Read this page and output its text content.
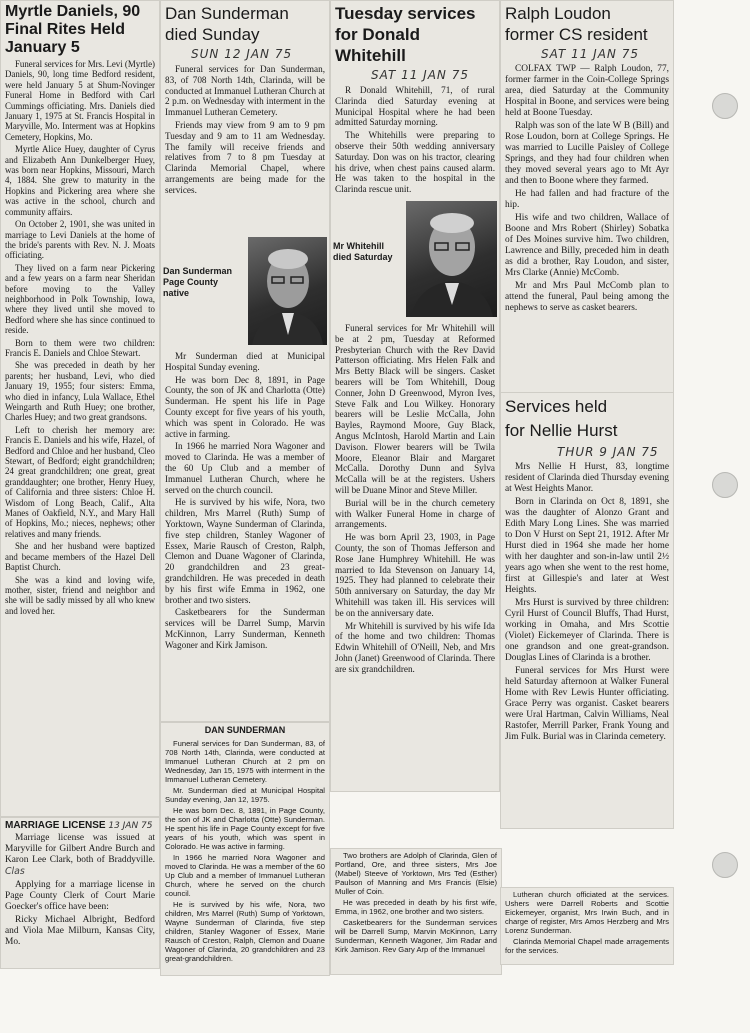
Myrtle Daniels, 90
Final Rites Held
January 5

Funeral services for Mrs. Levi (Myrtle) Daniels, 90, long time Bedford resident, were held January 5 at Shum-Novinger Funeral Home in Bedford with Carl Cummings officiating. Mrs. Daniels died January 1, 1975 at St. Francis Hospital in Maryville, Mo. Interment was at Hopkins Cemetery, Hopkins, Mo.

Myrtle Alice Huey, daughter of Cyrus and Elizabeth Ann Dunkelberger Huey, was born near Hopkins, Missouri, March 4, 1884. She grew to maturity in the Hopkins and Pickering area where she was active in the school, church and community affairs.

On October 2, 1901, she was united in marriage to Levi Daniels at the home of the bride's parents with Rev. N. J. Moats officiating.

They lived on a farm near Pickering and a few years on a farm near Sheridan before moving to the Valley neighborhood in Polk Township, Iowa, where they lived until she moved to Bedford where she has since continued to reside.

Born to them were two children: Francis E. Daniels and Chloe Stewart.

She was preceded in death by her parents; her husband, Levi, who died January 19, 1955; four sisters: Emma, who died in infancy, Lula Wallace, Ethel Weingarth and Ruth Huey; one brother, Charles Huey; and two great grandsons.

Left to cherish her memory are: Francis E. Daniels and his wife, Hazel, of Bedford and Chloe and her husband, Cleo Stewart, of Bedford; eight grandchildren; 24 great grandchildren; one great, great granddaughter; one brother, Henry Huey, of California and three sisters: Chloe H. Wisdom of Long Beach, Calif., Alta Manes of Oakfield, N.Y., and Mary Hall of Hopkins, Mo.; nieces, nephews; other relatives and many friends.

She and her husband were baptized and became members of the Hazel Dell Baptist Church.

She was a kind and loving wife, mother, sister, friend and neighbor and she will be sadly missed by all who knew and loved her.

MARRIAGE LICENSE 13 JAN 75

Marriage license was issued at Maryville for Gilbert Andre Burch and Karon Lee Clark, both of Braddyville. Clas

Applying for a marriage license in Page County Clerk of Court Marie Goecker's office have been:

Ricky Michael Albright, Bedford and Viola Mae Milburn, Kansas City, Mo.

Dan Sunderman
died Sunday
SUN 12 JAN 75

Funeral services for Dan Sunderman, 83, of 708 North 14th, Clarinda, will be conducted at Immanuel Lutheran Church at 2 p.m. on Wednesday with interment in the Immanuel Lutheran Cemetery.

Friends may view from 9 am to 9 pm Tuesday and 9 am to 11 am Wednesday. The family will receive friends and relatives from 7 to 8 pm Tuesday at Clarinda Memorial Chapel, where arrangements are being made for the services.

Dan Sunderman
Page County
native

Mr Sunderman died at Municipal Hospital Sunday evening.

He was born Dec 8, 1891, in Page County, the son of JK and Charlotta (Otte) Sunderman. He spent his life in Page County except for five years of his youth, which was spent in Colorado. He was active in farming.

In 1966 he married Nora Wagoner and moved to Clarinda. He was a member of the 60 Up Club and a member of Immanuel Lutheran Church, where he served on the church council.

He is survived by his wife, Nora, two children, Mrs Marrel (Ruth) Sump of Yorktown, Wayne Sunderman of Clarinda, five step children, Stanley Wagoner of Essex, Marie Rausch of Creston, Ralph, Clemon and Duane Wagoner of Clarinda, 20 grandchildren and 23 great-grandchildren. He was preceded in death by his first wife Emma in 1962, one brother and two sisters.

Casketbearers for the Sunderman services will be Darrel Sump, Marvin McKinnon, Larry Sunderman, Kenneth Wagoner and Kirk Jamison.

DAN SUNDERMAN

Funeral services for Dan Sunderman, 83, of 708 North 14th, Clarinda, were conducted at Immanuel Lutheran Church at 2 pm on Wednesday, Jan 15, 1975 with interment in the Immanuel Lutheran Cemetery.

Mr. Sunderman died at Municipal Hospital Sunday evening, Jan 12, 1975.

He was born Dec. 8, 1891, in Page County, the son of JK and Charlotta (Otte) Sunderman. He spent his life in Page County except for five years of his youth, which was spent in Colorado. He was active in farming.

In 1966 he married Nora Wagoner and moved to Clarinda. He was a member of the 60 Up Club and a member of Immanuel Lutheran Church, where he served on the church council.

He is survived by his wife, Nora, two children, Mrs Marrel (Ruth) Sump of Yorktown, Wayne Sunderman of Clarinda, five step children, Stanley Wagoner of Essex, Marie Rausch of Creston, Ralph, Clemon and Duane Wagoner of Clarinda, 20 grandchildren and 23 great-grandchildren.

Tuesday services
for Donald Whitehill
SAT 11 JAN 75

R Donald Whitehill, 71, of rural Clarinda died Saturday evening at Municipal Hospital where he had been admitted Saturday morning.

The Whitehills were preparing to observe their 50th wedding anniversary Saturday. Don was on his tractor, clearing his drive, when chest pains caused alarm. He was taken to the hospital in the Clarinda rescue unit.

Mr Whitehill
died Saturday

Funeral services for Mr Whitehill will be at 2 pm, Tuesday at Reformed Presbyterian Church with the Rev David Patterson officiating. Mrs Helen Falk and Mrs Betty Black will be singers. Casket bearers will be Tom Whitehill, Doug Conner, John D Greenwood, Myron Ives, Steve Falk and Lou Wilkey. Honorary bearers will be Leslie McCalla, John Bayles, Raymond Moore, Guy Black, Angus McIntosh, Harold Martin and Lain Davison. Flower bearers will be Twila Moore, Eleanor Blair and Margaret McCalla. Dorothy Dunn and Sylva McCalla will be at the registers. Ushers will be Duane Minor and Steve Miller.

Burial will be in the church cemetery with Walker Funeral Home in charge of arrangements.

He was born April 23, 1903, in Page County, the son of Thomas Jefferson and Rose Jane Humphrey Whitehill. He was married to Ida Stevenson on January 14, 1925. They had planned to celebrate their 50th anniversary on Saturday, the day Mr Whitehill was taken ill. His services will be on the anniversary date.

Mr Whitehill is survived by his wife Ida of the home and two children: Thomas Edwin Whitehill of O'Neill, Neb, and Mrs John (Janet) Greenwood of Clarinda. There are six grandchildren.

Two brothers are Adolph of Clarinda, Glen of Portland, Ore, and three sisters, Mrs Joe (Mabel) Steeve of Yorktown, Mrs Ted (Esther) Paulson of Manning and Mrs Francis (Elsie) Muller of Coin.

He was preceded in death by his first wife, Emma, in 1962, one brother and two sisters.

Casketbearers for the Sunderman services will be Darrell Sump, Marvin McKinnon, Larry Sunderman, Kenneth Wagoner, Jim Radar and Kirk Jamison. Rev Gary Arp of the Immanuel

Ralph Loudon
former CS resident
SAT 11 JAN 75

COLFAX TWP — Ralph Loudon, 77, former farmer in the Coin-College Springs area, died Saturday at the Community Hospital in Boone, and services were being held at Boone Tuesday.

Ralph was son of the late W B (Bill) and Rose Loudon, born at College Springs. He was married to Lucille Paisley of College Springs, and they had four children when they moved several years ago to Mt Ayr and then to Boone where they farmed.

He had fallen and had fracture of the hip.

His wife and two children, Wallace of Boone and Mrs Robert (Shirley) Sobatka of Des Moines survive him. Two children, Lawrence and Billy, preceded him in death as did a brother, Ray Loudon, and sister, Mrs Clarke (Annie) McComb.

Mr and Mrs Paul McComb plan to attend the funeral, Paul being among the nephews to serve as casket bearers.

Services held
for Nellie Hurst
THUR 9 JAN 75

Mrs Nellie H Hurst, 83, longtime resident of Clarinda died Thursday evening at West Heights Manor.

Born in Clarinda on Oct 8, 1891, she was the daughter of Alonzo Grant and Edith Mary Long Lines. She was married to Don V Hurst on Sept 21, 1912. After Mr Hurst died in 1964 she made her home with her daughter and son-in-law until 2½ years ago when she went to the rest home, first at Gillespie's and later at West Heights.

Mrs Hurst is survived by three children: Cyril Hurst of Council Bluffs, Thad Hurst, working in Omaha, and Mrs Scottie (Violet) Eickemeyer of Clarinda. There is one grandson and one great-grandson. Douglas Lines of Clarinda is a brother.

Funeral services for Mrs Hurst were held Saturday afternoon at Walker Funeral Home with Rev Lewis Hunter officiating. Grace Perry was organist. Casket bearers were Ural Hartman, Calvin Williams, Neal Rastofer, Merrill Parker, Frank Young and Jim Fulk. Burial was in Clarinda cemetery.

Lutheran church officiated at the services. Ushers were Darrell Roberts and Scottie Eickemeyer, organist, Mrs Irwin Buch, and in charge of register, Mrs Amos Herzberg and Mrs Lorenz Sunderman.

Clarinda Memorial Chapel made arragements for the services.
